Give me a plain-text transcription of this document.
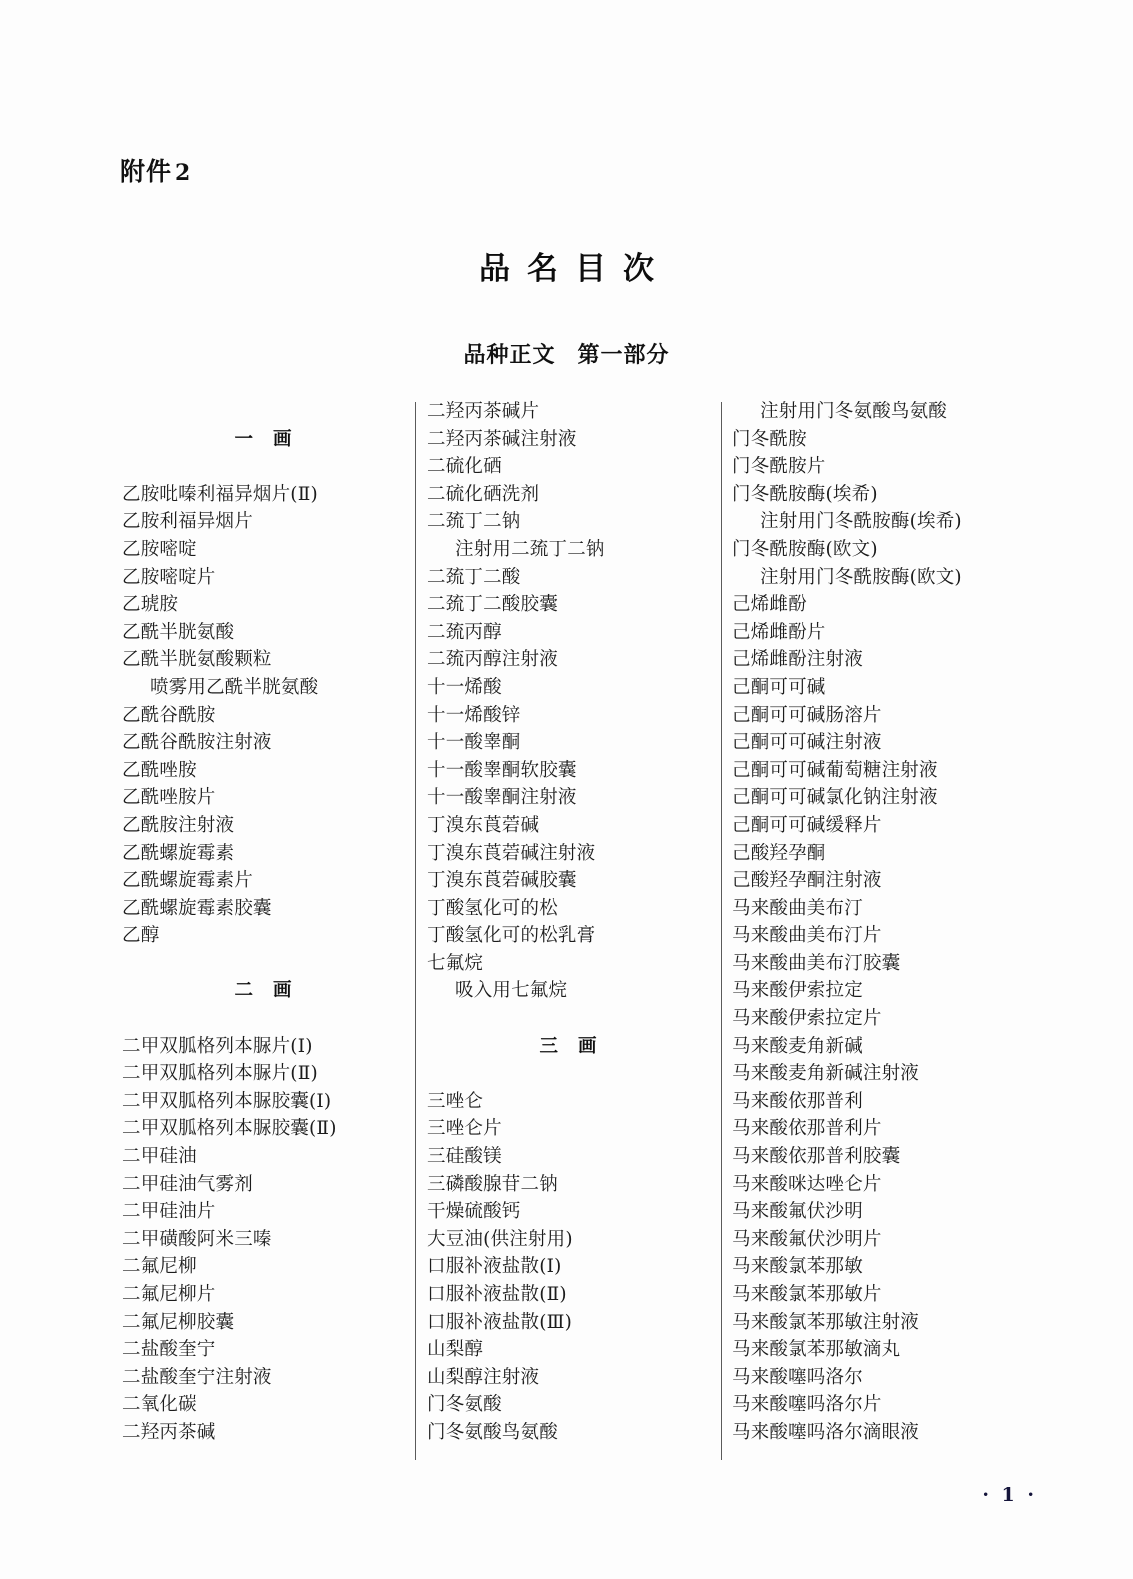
附件 2
品名目次
品种正文 第一部分

一 画

乙胺吡嗪利福异烟片(Ⅱ)
乙胺利福异烟片
乙胺嘧啶
乙胺嘧啶片
乙琥胺
乙酰半胱氨酸
乙酰半胱氨酸颗粒
喷雾用乙酰半胱氨酸
乙酰谷酰胺
乙酰谷酰胺注射液
乙酰唑胺
乙酰唑胺片
乙酰胺注射液
乙酰螺旋霉素
乙酰螺旋霉素片
乙酰螺旋霉素胶囊
乙醇

二 画

二甲双胍格列本脲片(Ⅰ)
二甲双胍格列本脲片(Ⅱ)
二甲双胍格列本脲胶囊(Ⅰ)
二甲双胍格列本脲胶囊(Ⅱ)
二甲硅油
二甲硅油气雾剂
二甲硅油片
二甲磺酸阿米三嗪
二氟尼柳
二氟尼柳片
二氟尼柳胶囊
二盐酸奎宁
二盐酸奎宁注射液
二氧化碳
二羟丙茶碱
二羟丙茶碱片
二羟丙茶碱注射液
二硫化硒
二硫化硒洗剂
二巯丁二钠
注射用二巯丁二钠
二巯丁二酸
二巯丁二酸胶囊
二巯丙醇
二巯丙醇注射液
十一烯酸
十一烯酸锌
十一酸睾酮
十一酸睾酮软胶囊
十一酸睾酮注射液
丁溴东莨菪碱
丁溴东莨菪碱注射液
丁溴东莨菪碱胶囊
丁酸氢化可的松
丁酸氢化可的松乳膏
七氟烷
吸入用七氟烷

三 画

三唑仑
三唑仑片
三硅酸镁
三磷酸腺苷二钠
干燥硫酸钙
大豆油(供注射用)
口服补液盐散(Ⅰ)
口服补液盐散(Ⅱ)
口服补液盐散(Ⅲ)
山梨醇
山梨醇注射液
门冬氨酸
门冬氨酸鸟氨酸
注射用门冬氨酸鸟氨酸
门冬酰胺
门冬酰胺片
门冬酰胺酶(埃希)
注射用门冬酰胺酶(埃希)
门冬酰胺酶(欧文)
注射用门冬酰胺酶(欧文)
己烯雌酚
己烯雌酚片
己烯雌酚注射液
己酮可可碱
己酮可可碱肠溶片
己酮可可碱注射液
己酮可可碱葡萄糖注射液
己酮可可碱氯化钠注射液
己酮可可碱缓释片
己酸羟孕酮
己酸羟孕酮注射液
马来酸曲美布汀
马来酸曲美布汀片
马来酸曲美布汀胶囊
马来酸伊索拉定
马来酸伊索拉定片
马来酸麦角新碱
马来酸麦角新碱注射液
马来酸依那普利
马来酸依那普利片
马来酸依那普利胶囊
马来酸咪达唑仑片
马来酸氟伏沙明
马来酸氟伏沙明片
马来酸氯苯那敏
马来酸氯苯那敏片
马来酸氯苯那敏注射液
马来酸氯苯那敏滴丸
马来酸噻吗洛尔
马来酸噻吗洛尔片
马来酸噻吗洛尔滴眼液
· 1 ·
